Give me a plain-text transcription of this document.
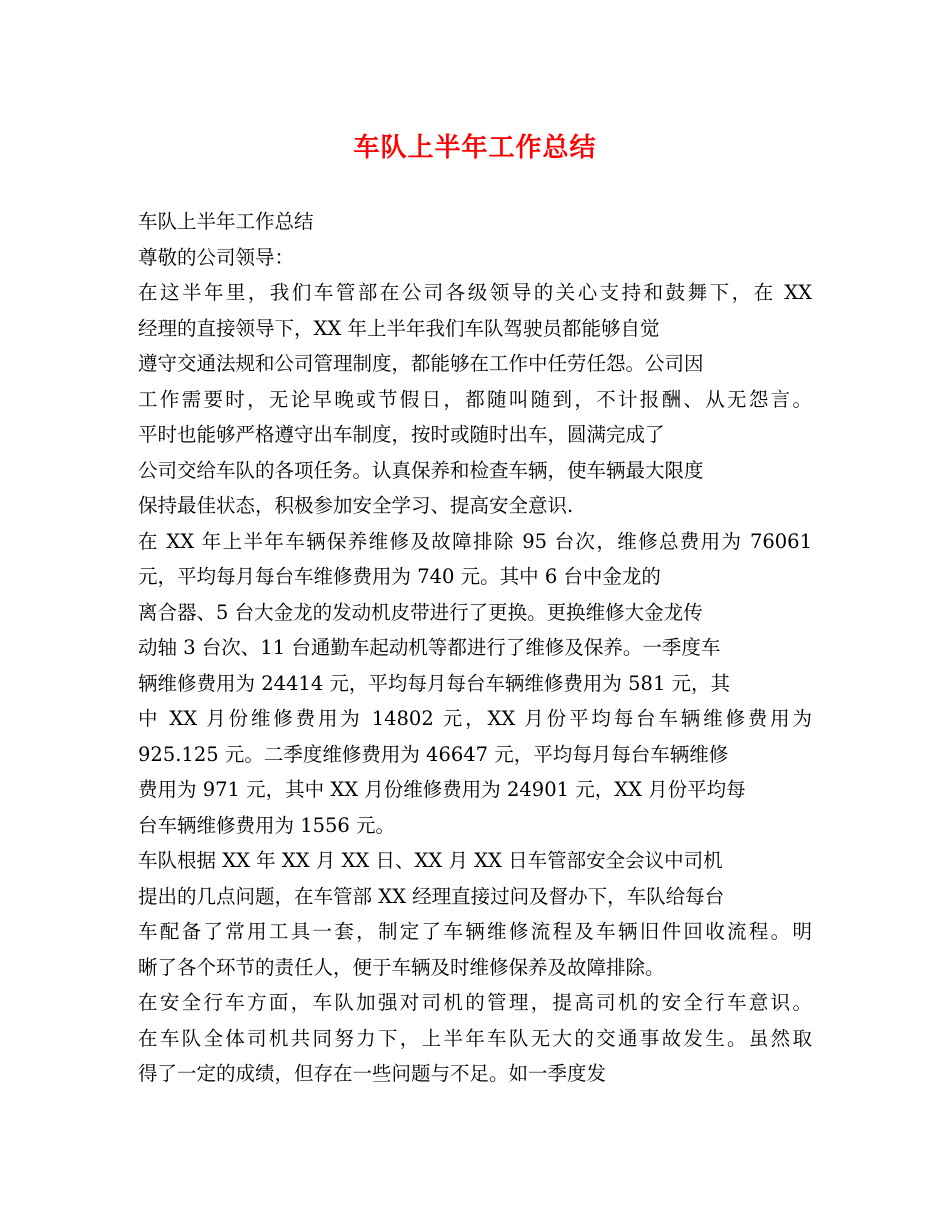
车队上半年工作总结
车队上半年工作总结
尊敬的公司领导：
在这半年里，我们车管部在公司各级领导的关心支持和鼓舞下，在 XX
经理的直接领导下，XX 年上半年我们车队驾驶员都能够自觉
遵守交通法规和公司管理制度，都能够在工作中任劳任怨。公司因
工作需要时，无论早晚或节假日，都随叫随到，不计报酬、从无怨言。
平时也能够严格遵守出车制度，按时或随时出车，圆满完成了
公司交给车队的各项任务。认真保养和检查车辆，使车辆最大限度
保持最佳状态，积极参加安全学习、提高安全意识.
在 XX 年上半年车辆保养维修及故障排除 95 台次，维修总费用为 76061
元，平均每月每台车维修费用为 740 元。其中 6 台中金龙的
离合器、5 台大金龙的发动机皮带进行了更换。更换维修大金龙传
动轴 3 台次、11 台通勤车起动机等都进行了维修及保养。一季度车
辆维修费用为 24414 元，平均每月每台车辆维修费用为 581 元，其
中 XX 月份维修费用为 14802 元，XX 月份平均每台车辆维修费用为
925.125 元。二季度维修费用为 46647 元，平均每月每台车辆维修
费用为 971 元，其中 XX 月份维修费用为 24901 元，XX 月份平均每
台车辆维修费用为 1556 元。
车队根据 XX 年 XX 月 XX 日、XX 月 XX 日车管部安全会议中司机
提出的几点问题，在车管部 XX 经理直接过问及督办下，车队给每台
车配备了常用工具一套，制定了车辆维修流程及车辆旧件回收流程。明
晰了各个环节的责任人，便于车辆及时维修保养及故障排除。
在安全行车方面，车队加强对司机的管理，提高司机的安全行车意识。
在车队全体司机共同努力下，上半年车队无大的交通事故发生。虽然取
得了一定的成绩，但存在一些问题与不足。如一季度发
